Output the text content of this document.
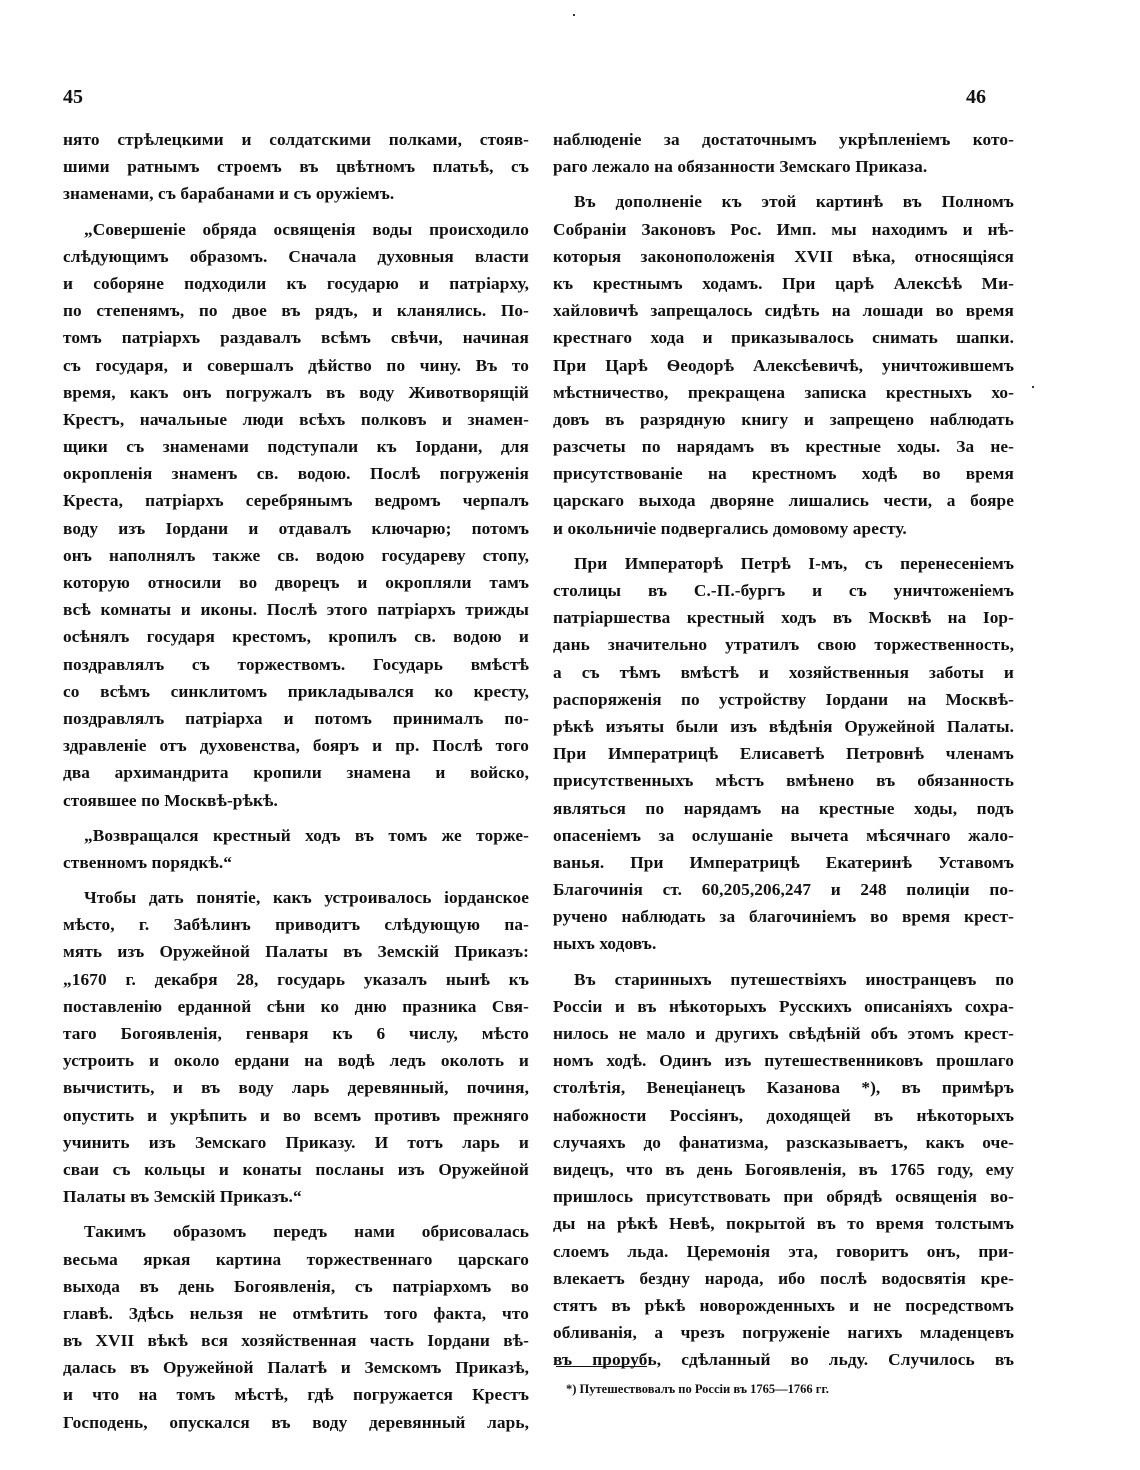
45	46
нято стрѣлецкими и солдатскими полками, стояв-
шими ратнымъ строемъ въ цвѣтномъ платьѣ, съ
знаменами, съ барабанами и съ оружіемъ.
„Совершеніе обряда освященія воды происходило
слѣдующимъ образомъ. Сначала духовныя власти
и соборяне подходили къ государю и патріарху,
по степенямъ, по двое въ рядъ, и кланялись. По-
томъ патріархъ раздавалъ всѣмъ свѣчи, начиная
съ государя, и совершалъ дѣйство по чину. Въ то
время, какъ онъ погружалъ въ воду Животворящій
Крестъ, начальные люди всѣхъ полковъ и знамен-
щики съ знаменами подступали къ Іордани, для
окропленія знаменъ св. водою. Послѣ погруженія
Креста, патріархъ серебрянымъ ведромъ черпалъ
воду изъ Іордани и отдавалъ ключарю; потомъ
онъ наполнялъ также св. водою государеву стопу,
которую относили во дворецъ и окропляли тамъ
всѣ комнаты и иконы. Послѣ этого патріархъ трижды
осѣнялъ государя крестомъ, кропилъ св. водою и
поздравлялъ съ торжествомъ. Государь вмѣстѣ
со всѣмъ синклитомъ прикладывался ко кресту,
поздравлялъ патріарха и потомъ принималъ по-
здравленіе отъ духовенства, бояръ и пр. Послѣ того
два архимандрита кропили знамена и войско,
стоявшее по Москвѣ-рѣкѣ.
„Возвращался крестный ходъ въ томъ же торже-
ственномъ порядкѣ.“
Чтобы дать понятіе, какъ устроивалось іорданское
мѣсто, г. Забѣлинъ приводитъ слѣдующую па-
мять изъ Оружейной Палаты въ Земскій Приказъ:
„1670 г. декабря 28, государь указалъ нынѣ къ
поставленію ерданной сѣни ко дню празника Свя-
таго Богоявленія, генваря къ 6 числу, мѣсто
устроить и около ердани на водѣ ледъ околоть и
вычистить, и въ воду ларь деревянный, починя,
опустить и укрѣпить и во всемъ противъ прежняго
учинить изъ Земскаго Приказу. И тотъ ларь и
сваи съ кольцы и конаты посланы изъ Оружейной
Палаты въ Земскій Приказъ.“
Такимъ образомъ передъ нами обрисовалась
весьма яркая картина торжественнаго царскаго
выхода въ день Богоявленія, съ патріархомъ во
главѣ. Здѣсь нельзя не отмѣтить того факта, что
въ XVII вѣкѣ вся хозяйственная часть Іордани вѣ-
далась въ Оружейной Палатѣ и Земскомъ Приказѣ,
и что на томъ мѣстѣ, гдѣ погружается Крестъ
Господень, опускался въ воду деревянный ларь,
наблюденіе за достаточнымъ укрѣпленіемъ кото-
раго лежало на обязанности Земскаго Приказа.
Въ дополненіе къ этой картинѣ въ Полномъ
Собраніи Законовъ Рос. Имп. мы находимъ и нѣ-
которыя законоположенія XVII вѣка, относящіяся
къ крестнымъ ходамъ. При царѣ Алексѣѣ Ми-
хайловичѣ запрещалось сидѣть на лошади во время
крестнаго хода и приказывалось снимать шапки.
При Царѣ Ѳеодорѣ Алексѣевичѣ, уничтожившемъ
мѣстничество, прекращена записка крестныхъ хо-
довъ въ разрядную книгу и запрещено наблюдать
разсчеты по нарядамъ въ крестные ходы. За не-
присутствованіе на крестномъ ходѣ во время
царскаго выхода дворяне лишались чести, а бояре
и окольничіе подвергались домовому аресту.
При Императорѣ Петрѣ І-мъ, съ перенесеніемъ
столицы въ С.-П.-бургъ и съ уничтоженіемъ
патріаршества крестный ходъ въ Москвѣ на Іор-
дань значительно утратилъ свою торжественность,
а съ тѣмъ вмѣстѣ и хозяйственныя заботы и
распоряженія по устройству Іордани на Москвѣ-
рѣкѣ изъяты были изъ вѣдѣнія Оружейной Палаты.
При Императрицѣ Елисаветѣ Петровнѣ членамъ
присутственныхъ мѣстъ вмѣнено въ обязанность
являться по нарядамъ на крестные ходы, подъ
опасеніемъ за ослушаніе вычета мѣсячнаго жало-
ванья. При Императрицѣ Екатеринѣ Уставомъ
Благочинія ст. 60,205,206,247 и 248 полиціи по-
ручено наблюдать за благочиніемъ во время крест-
ныхъ ходовъ.
Въ старинныхъ путешествіяхъ иностранцевъ по
Россіи и въ нѣкоторыхъ Русскихъ описаніяхъ сохра-
нилось не мало и другихъ свѣдѣній объ этомъ крест-
номъ ходѣ. Одинъ изъ путешественниковъ прошлаго
столѣтія, Венеціанецъ Казанова *), въ примѣръ
набожности Россіянъ, доходящей въ нѣкоторыхъ
случаяхъ до фанатизма, разсказываетъ, какъ оче-
видецъ, что въ день Богоявленія, въ 1765 году, ему
пришлось присутствовать при обрядѣ освященія во-
ды на рѣкѣ Невѣ, покрытой въ то время толстымъ
слоемъ льда. Церемонія эта, говоритъ онъ, при-
влекаетъ бездну народа, ибо послѣ водосвятія кре-
стятъ въ рѣкѣ новорожденныхъ и не посредствомъ
обливанія, а чрезъ погруженіе нагихъ младенцевъ
въ прорубь, сдѣланный во льду. Случилось въ
*) Путешествовалъ по Россіи въ 1765—1766 гг.
